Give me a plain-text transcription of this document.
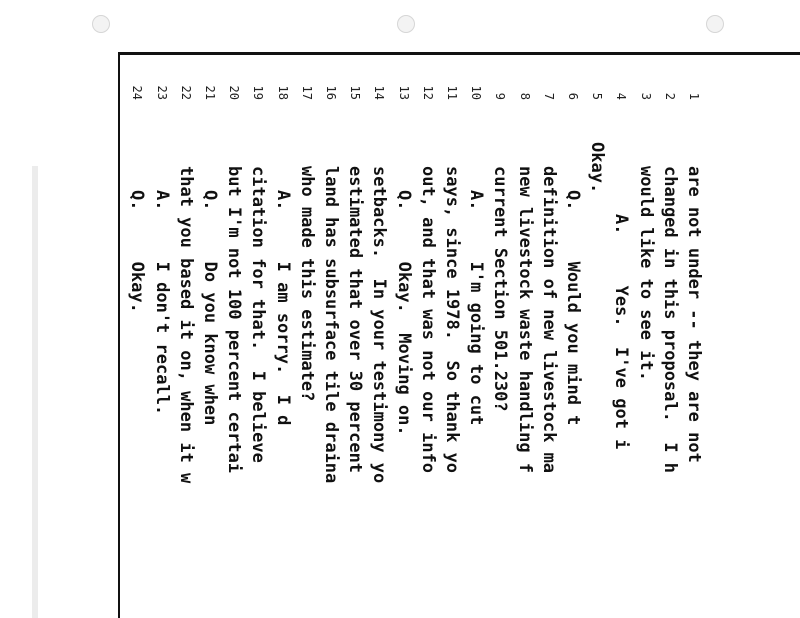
1
are not under -- they are not
2
changed in this proposal.  I h
3
would like to see it.
4
A.     Yes.  I've got i
5
Okay.
6
Q.     Would you mind t
7
definition of new livestock ma
8
new livestock waste handling f
9
current Section 501.230?
10
A.     I'm going to cut
11
says, since 1978.  So thank yo
12
out, and that was not our info
13
Q.     Okay.  Moving on.
14
setbacks.  In your testimony yo
15
estimated that over 30 percent
16
land has subsurface tile draina
17
who made this estimate?
18
A.     I am sorry.  I d
19
citation for that.  I believe
20
but I'm not 100 percent certai
21
Q.     Do you know when
22
that you based it on, when it w
23
A.     I don't recall.
24
Q.     Okay.
